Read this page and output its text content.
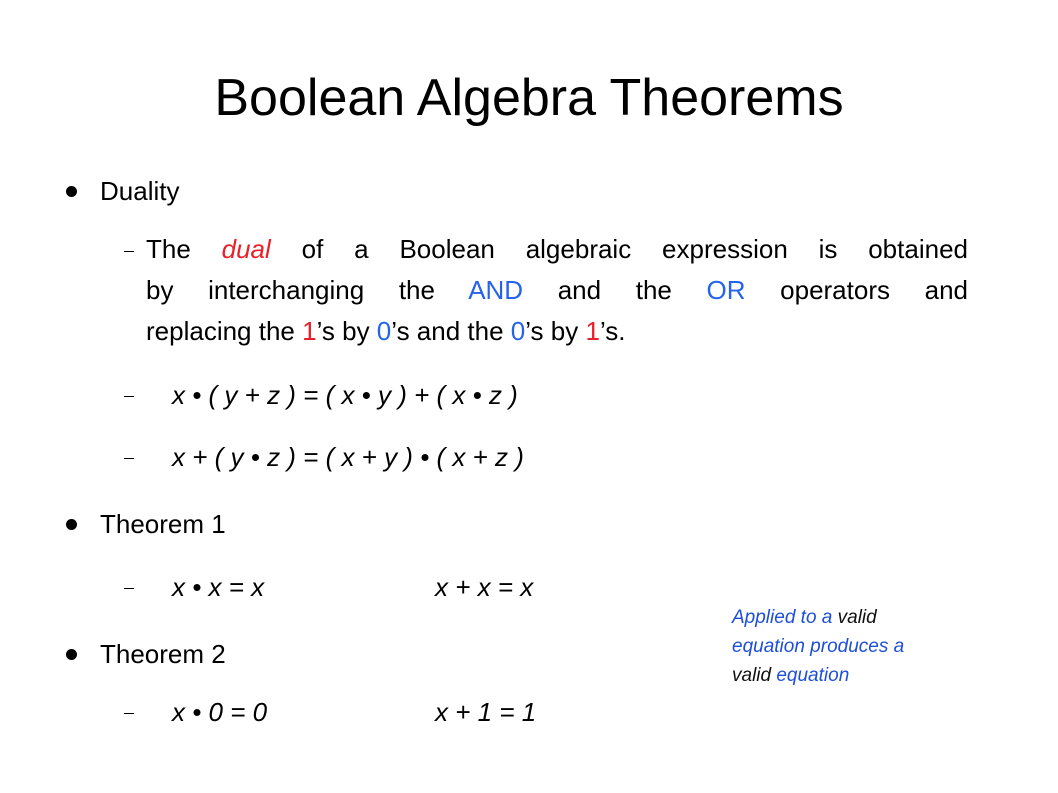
Boolean Algebra Theorems
Duality
The dual of a Boolean algebraic expression is obtained
by interchanging the AND and the OR operators and
replacing the 1’s by 0’s and the 0’s by 1’s.
x • ( y + z ) = ( x • y ) + ( x • z )
x + ( y • z ) = ( x + y ) • ( x + z )
Theorem 1
x • x = x	x + x = x
Theorem 2
x • 0 = 0	x + 1 = 1
Applied to a valid
equation produces a
valid equation
